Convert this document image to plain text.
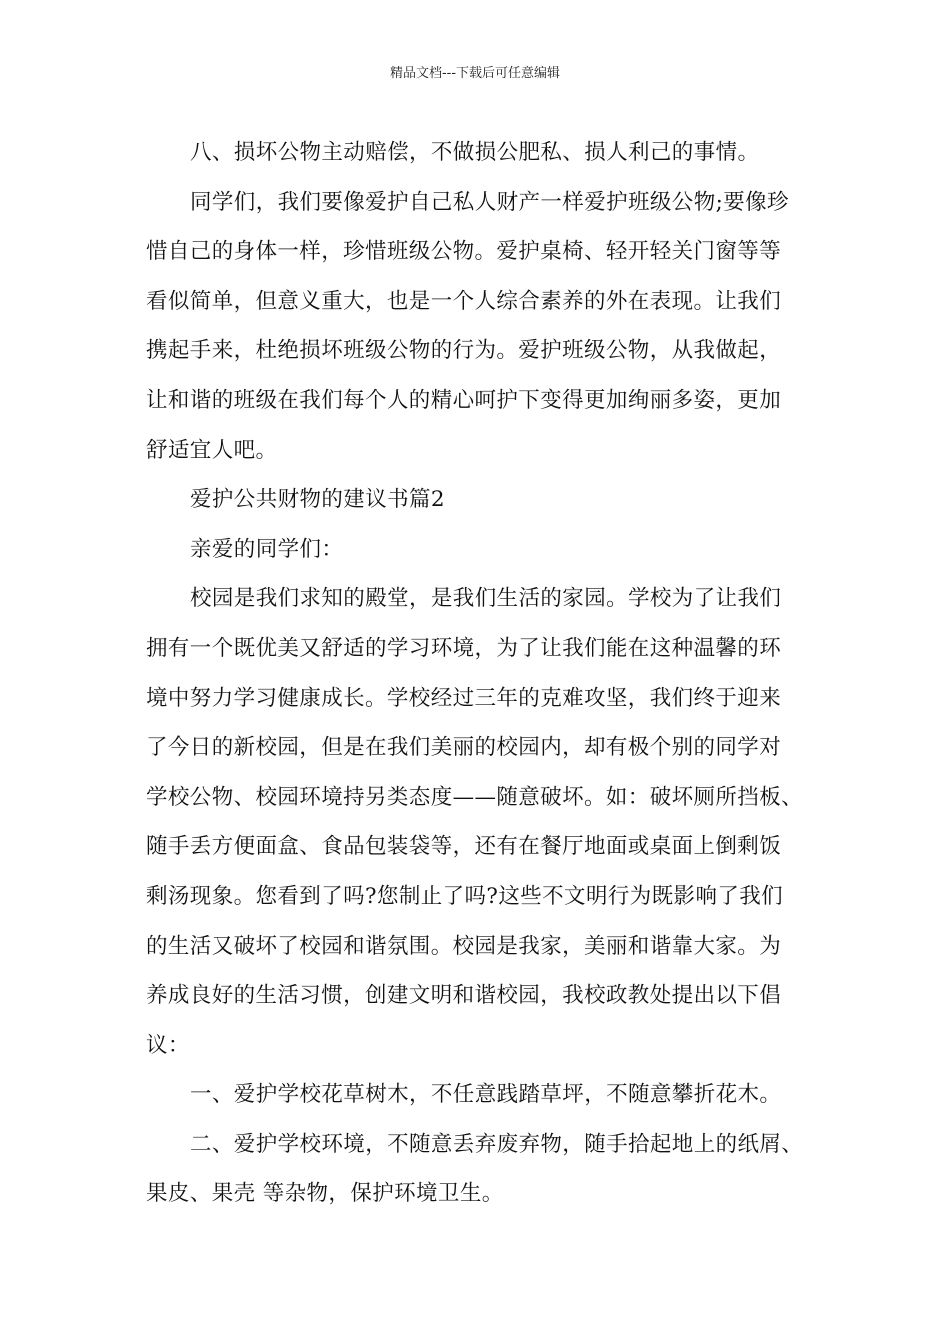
精品文档---下载后可任意编辑

八、损坏公物主动赔偿，不做损公肥私、损人利己的事情。

同学们，我们要像爱护自己私人财产一样爱护班级公物;要像珍
惜自己的身体一样，珍惜班级公物。爱护桌椅、轻开轻关门窗等等
看似简单，但意义重大，也是一个人综合素养的外在表现。让我们
携起手来，杜绝损坏班级公物的行为。爱护班级公物，从我做起，
让和谐的班级在我们每个人的精心呵护下变得更加绚丽多姿，更加
舒适宜人吧。

爱护公共财物的建议书篇2

亲爱的同学们：

校园是我们求知的殿堂，是我们生活的家园。学校为了让我们
拥有一个既优美又舒适的学习环境，为了让我们能在这种温馨的环
境中努力学习健康成长。学校经过三年的克难攻坚，我们终于迎来
了今日的新校园，但是在我们美丽的校园内，却有极个别的同学对
学校公物、校园环境持另类态度——随意破坏。如：破坏厕所挡板、
随手丢方便面盒、食品包装袋等，还有在餐厅地面或桌面上倒剩饭
剩汤现象。您看到了吗?您制止了吗?这些不文明行为既影响了我们
的生活又破坏了校园和谐氛围。校园是我家，美丽和谐靠大家。为
养成良好的生活习惯，创建文明和谐校园，我校政教处提出以下倡
议：

一、爱护学校花草树木，不任意践踏草坪，不随意攀折花木。

二、爱护学校环境，不随意丢弃废弃物，随手拾起地上的纸屑、
果皮、果壳 等杂物，保护环境卫生。
